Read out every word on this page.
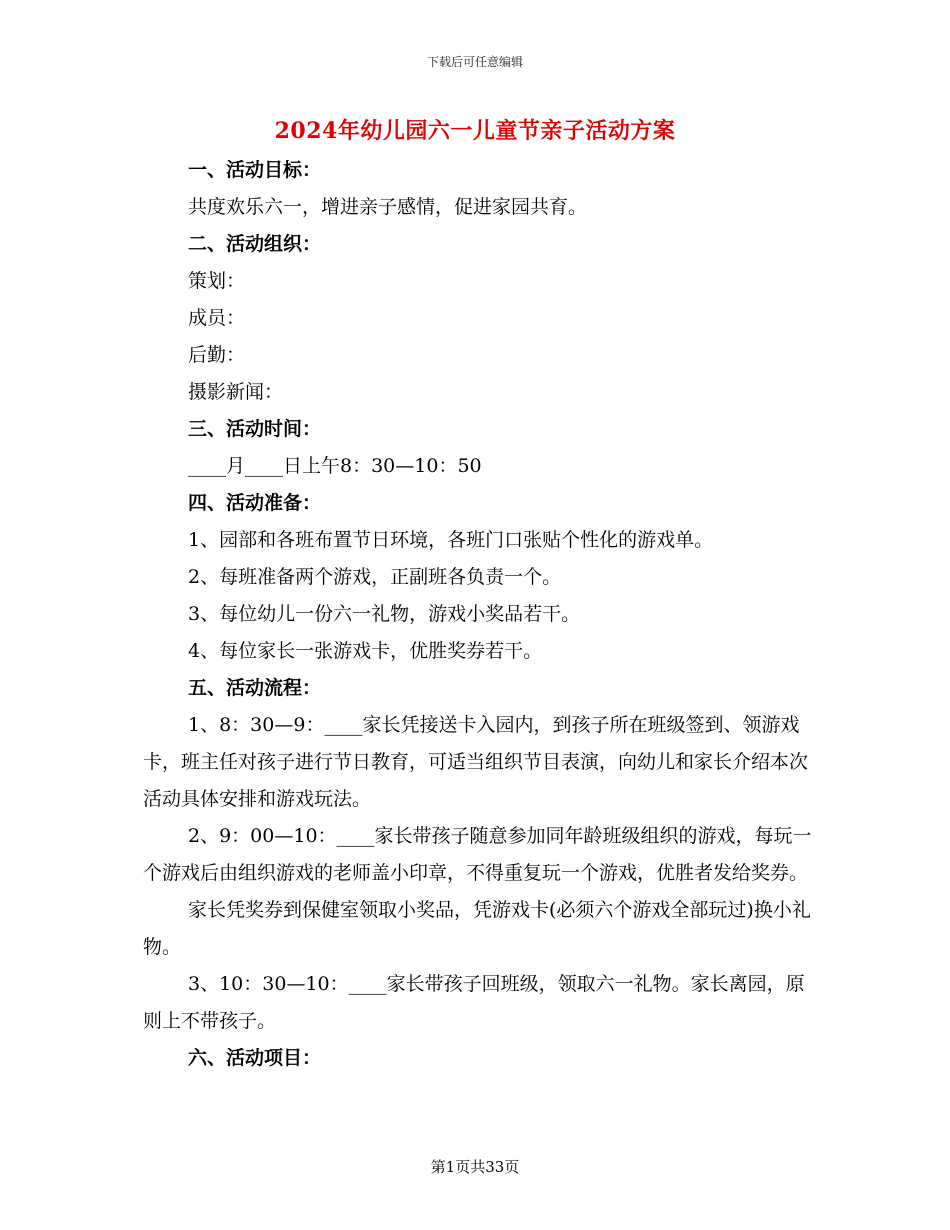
下载后可任意编辑
2024年幼儿园六一儿童节亲子活动方案
一、活动目标：
共度欢乐六一，增进亲子感情，促进家园共育。
二、活动组织：
策划：
成员：
后勤：
摄影新闻：
三、活动时间：
____月____日上午8：30—10：50
四、活动准备：
1、园部和各班布置节日环境，各班门口张贴个性化的游戏单。
2、每班准备两个游戏，正副班各负责一个。
3、每位幼儿一份六一礼物，游戏小奖品若干。
4、每位家长一张游戏卡，优胜奖券若干。
五、活动流程：
1、8：30—9：____家长凭接送卡入园内，到孩子所在班级签到、领游戏卡，班主任对孩子进行节日教育，可适当组织节目表演，向幼儿和家长介绍本次活动具体安排和游戏玩法。
2、9：00—10：____家长带孩子随意参加同年龄班级组织的游戏，每玩一个游戏后由组织游戏的老师盖小印章，不得重复玩一个游戏，优胜者发给奖券。
家长凭奖券到保健室领取小奖品，凭游戏卡(必须六个游戏全部玩过)换小礼物。
3、10：30—10：____家长带孩子回班级，领取六一礼物。家长离园，原则上不带孩子。
六、活动项目：
第1页共33页
